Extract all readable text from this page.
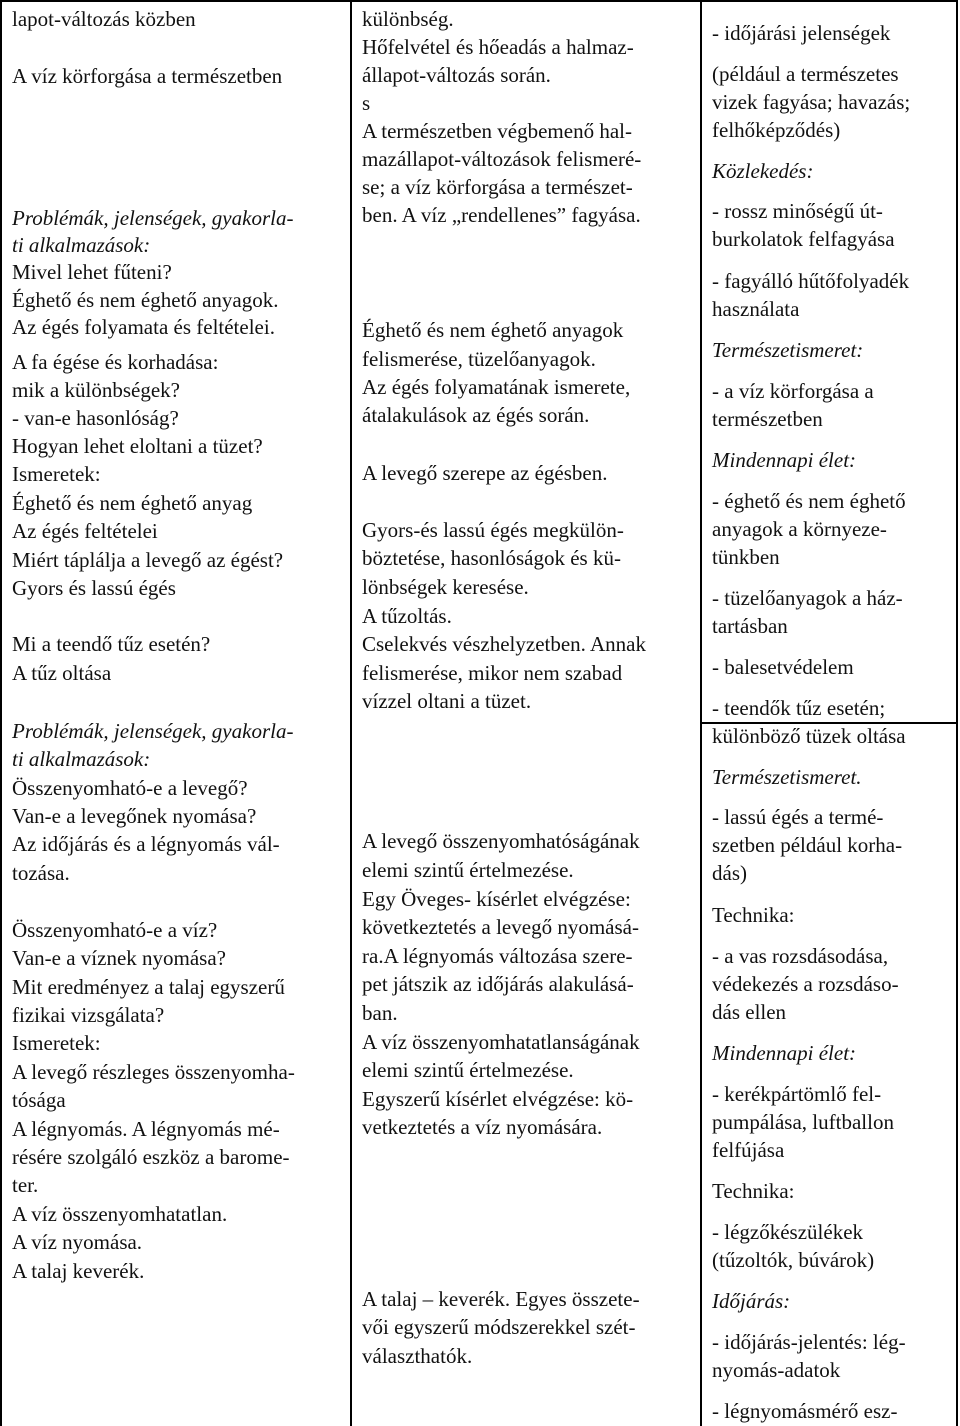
lapot-változás közben
A víz körforgása a természetben
Problémák, jelenségek, gyakorla-
ti alkalmazások:
Mivel lehet fűteni?
Éghető és nem éghető anyagok.
Az égés folyamata és feltételei.
A fa égése és korhadása:
mik a különbségek?
- van-e hasonlóság?
Hogyan lehet eloltani a tüzet?
Ismeretek:
Éghető és nem éghető anyag
Az égés feltételei
Miért táplálja a levegő az égést?
Gyors és lassú égés
Mi a teendő tűz esetén?
A tűz oltása
Problémák, jelenségek, gyakorla-
ti alkalmazások:
Összenyomható-e a levegő?
Van-e a levegőnek nyomása?
Az időjárás és a légnyomás vál-
tozása.
Összenyomható-e a víz?
Van-e a víznek nyomása?
Mit eredményez a talaj egyszerű
fizikai vizsgálata?
Ismeretek:
A levegő részleges összenyomha-
tósága
A légnyomás. A légnyomás mé-
résére szolgáló eszköz a barome-
ter.
A víz összenyomhatatlan.
A víz nyomása.
A talaj keverék.
különbség.
Hőfelvétel és hőeadás a halmaz-
állapot-változás során.
s
A természetben végbemenő hal-
mazállapot-változások felismeré-
se; a víz körforgása a természet-
ben. A víz „rendellenes” fagyása.
Éghető és nem éghető anyagok
felismerése, tüzelőanyagok.
Az égés folyamatának ismerete,
átalakulások az égés során.
A levegő szerepe az égésben.
Gyors-és lassú égés megkülön-
böztetése, hasonlóságok és kü-
lönbségek keresése.
A tűzoltás.
Cselekvés vészhelyzetben. Annak
felismerése, mikor nem szabad
vízzel oltani a tüzet.
A levegő összenyomhatóságának
elemi szintű értelmezése.
Egy Öveges- kísérlet elvégzése:
következtetés a levegő nyomásá-
ra.A légnyomás változása szere-
pet játszik az időjárás alakulásá-
ban.
A víz összenyomhatatlanságának
elemi szintű értelmezése.
Egyszerű kísérlet elvégzése: kö-
vetkeztetés a víz nyomására.
A talaj – keverék. Egyes összete-
vői egyszerű módszerekkel szét-
választhatók.
- időjárási jelenségek
(például a természetes
vizek fagyása; havazás;
felhőképződés)
Közlekedés:
- rossz minőségű út-
burkolatok felfagyása
- fagyálló hűtőfolyadék
használata
Természetismeret:
- a víz körforgása a
természetben
Mindennapi élet:
- éghető és nem éghető
anyagok a környeze-
tünkben
- tüzelőanyagok a ház-
tartásban
- balesetvédelem
- teendők tűz esetén;
különböző tüzek oltása
Természetismeret.
- lassú égés a termé-
szetben például korha-
dás)
Technika:
- a vas rozsdásodása,
védekezés a rozsdáso-
dás ellen
Mindennapi élet:
- kerékpártömlő fel-
pumpálása, luftballon
felfújása
Technika:
- légzőkészülékek
(tűzoltók, búvárok)
Időjárás:
- időjárás-jelentés: lég-
nyomás-adatok
- légnyomásmérő esz-
